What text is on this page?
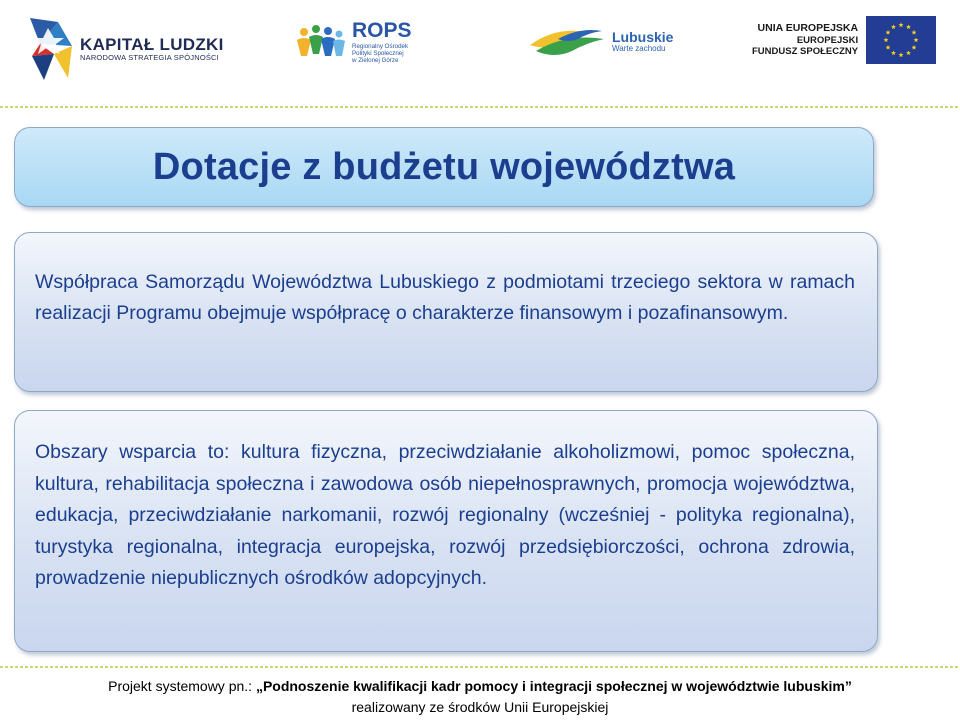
KAPITAŁ LUDZKI
NARODOWA STRATEGIA SPÓJNOŚCI
ROPS
Regionalny Ośrodek
Polityki Społecznej
w Zielonej Górze
Lubuskie
Warte zachodu
UNIA EUROPEJSKA
EUROPEJSKI
FUNDUSZ SPOŁECZNY
Dotacje z budżetu województwa

Współpraca Samorządu Województwa Lubuskiego z podmiotami trzeciego sektora w ramach realizacji Programu obejmuje współpracę o charakterze finansowym i pozafinansowym.

Obszary wsparcia to: kultura fizyczna, przeciwdziałanie alkoholizmowi, pomoc społeczna, kultura, rehabilitacja społeczna i zawodowa osób niepełnosprawnych, promocja województwa, edukacja, przeciwdziałanie narkomanii, rozwój regionalny (wcześniej - polityka regionalna), turystyka regionalna, integracja europejska, rozwój przedsiębiorczości, ochrona zdrowia, prowadzenie niepublicznych ośrodków adopcyjnych.

Projekt systemowy pn.: „Podnoszenie kwalifikacji kadr pomocy i integracji społecznej w województwie lubuskim”
realizowany ze środków Unii Europejskiej
